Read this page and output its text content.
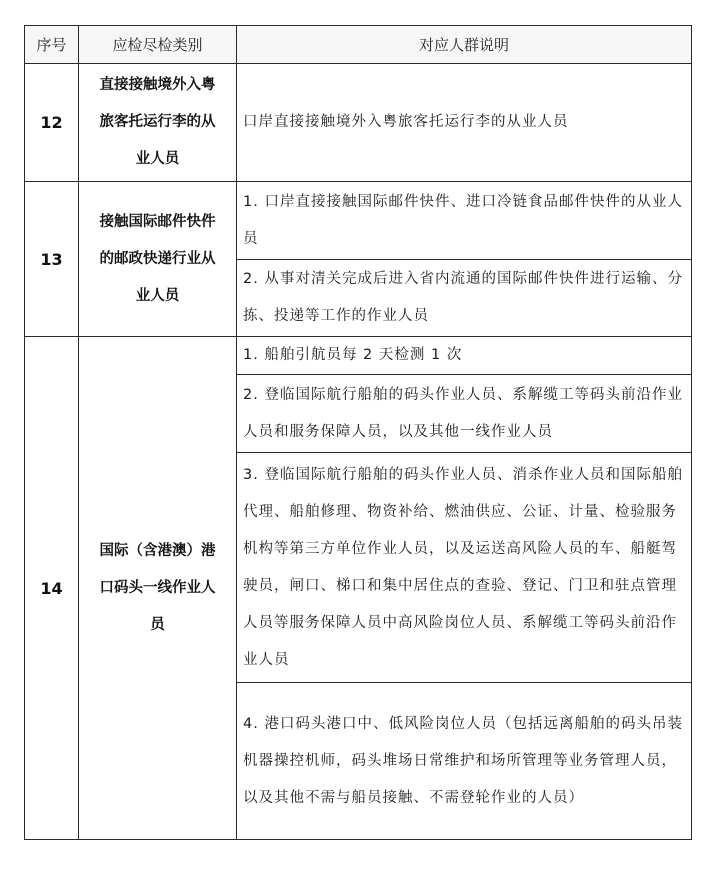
序号	应检尽检类别	对应人群说明
12	直接接触境外入粤
旅客托运行李的从
业人员	口岸直接接触境外入粤旅客托运行李的从业人员
13	接触国际邮件快件
的邮政快递行业从
业人员	1. 口岸直接接触国际邮件快件、进口冷链食品邮件快件的从业人员
		2. 从事对清关完成后进入省内流通的国际邮件快件进行运输、分拣、投递等工作的作业人员
14	国际（含港澳）港
口码头一线作业人
员	1. 船舶引航员每 2 天检测 1 次
		2. 登临国际航行船舶的码头作业人员、系解缆工等码头前沿作业人员和服务保障人员，以及其他一线作业人员
		3. 登临国际航行船舶的码头作业人员、消杀作业人员和国际船舶代理、船舶修理、物资补给、燃油供应、公证、计量、检验服务机构等第三方单位作业人员，以及运送高风险人员的车、船艇驾驶员，闸口、梯口和集中居住点的查验、登记、门卫和驻点管理人员等服务保障人员中高风险岗位人员、系解缆工等码头前沿作业人员
		4. 港口码头港口中、低风险岗位人员（包括远离船舶的码头吊装机器操控机师，码头堆场日常维护和场所管理等业务管理人员，以及其他不需与船员接触、不需登轮作业的人员）
